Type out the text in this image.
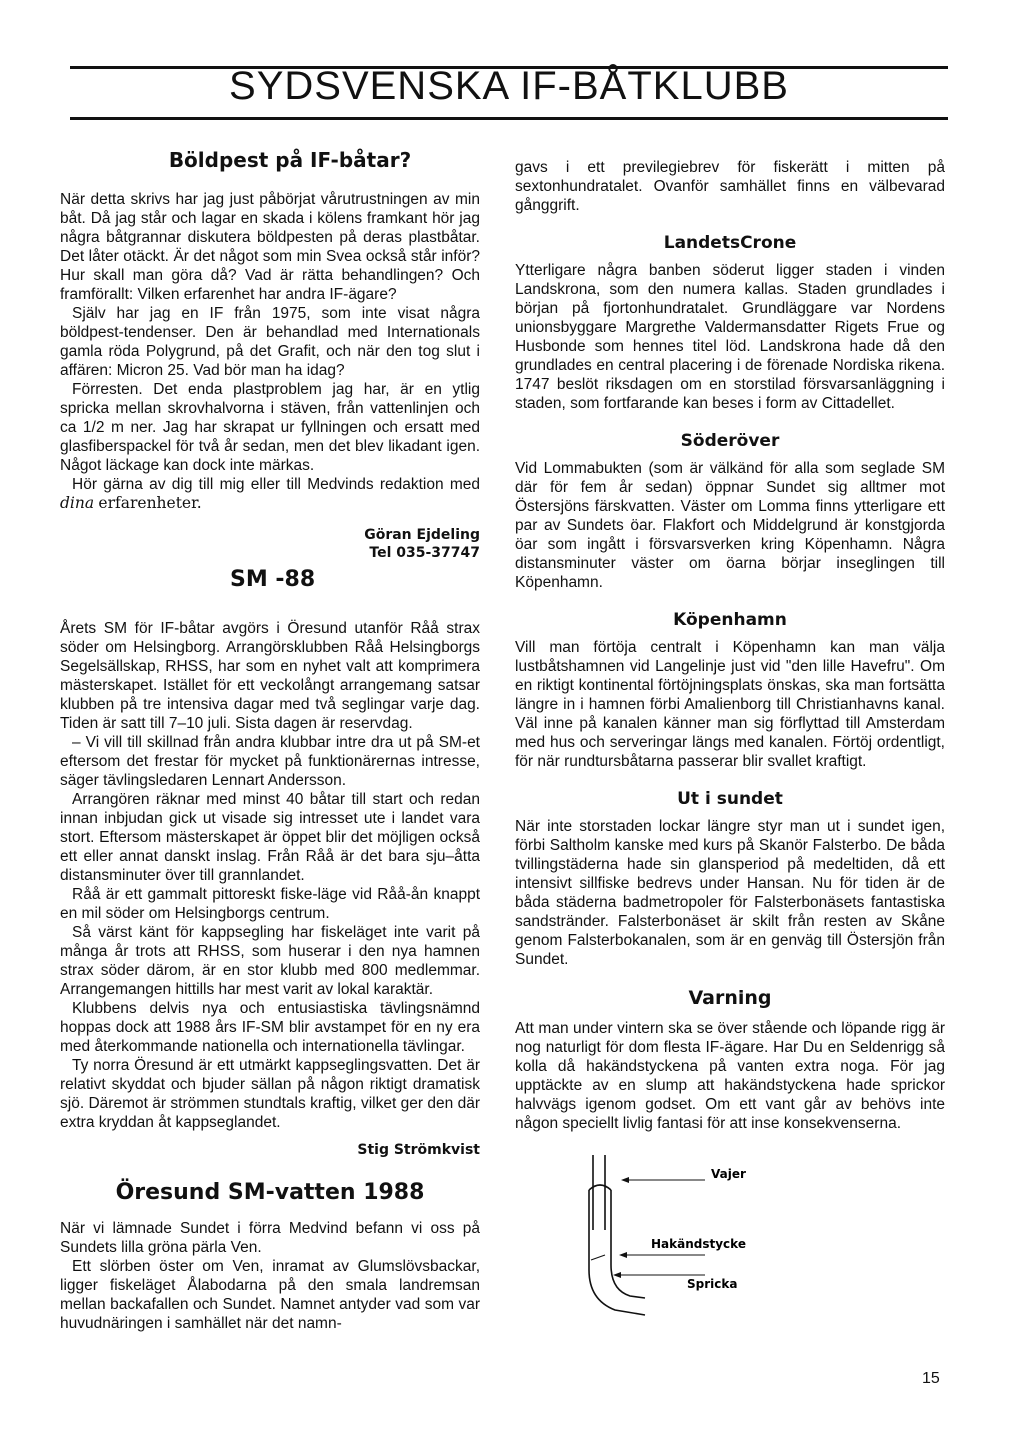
SYDSVENSKA IF-BÅTKLUBB
Böldpest på IF-båtar?

När detta skrivs har jag just påbörjat vårutrustningen av min båt. Då jag står och lagar en skada i kölens framkant hör jag några båtgrannar diskutera böldpesten på deras plastbåtar. Det låter otäckt. Är det något som min Svea också står inför? Hur skall man göra då? Vad är rätta behandlingen? Och framförallt: Vilken erfarenhet har andra IF-ägare?

Själv har jag en IF från 1975, som inte visat några böldpest-tendenser. Den är behandlad med Internationals gamla röda Polygrund, på det Grafit, och när den tog slut i affären: Micron 25. Vad bör man ha idag?

Förresten. Det enda plastproblem jag har, är en ytlig spricka mellan skrovhalvorna i stäven, från vattenlinjen och ca 1/2 m ner. Jag har skrapat ur fyllningen och ersatt med glasfiberspackel för två år sedan, men det blev likadant igen. Något läckage kan dock inte märkas.

Hör gärna av dig till mig eller till Medvinds redaktion med dina erfarenheter.

Göran Ejdeling

Tel 035-37747

SM -88

Årets SM för IF-båtar avgörs i Öresund utanför Råå strax söder om Helsingborg. Arrangörsklubben Råå Helsingborgs Segelsällskap, RHSS, har som en nyhet valt att komprimera mästerskapet. Istället för ett veckolångt arrangemang satsar klubben på tre intensiva dagar med två seglingar varje dag. Tiden är satt till 7–10 juli. Sista dagen är reservdag.

– Vi vill till skillnad från andra klubbar intre dra ut på SM-et eftersom det frestar för mycket på funktionärernas intresse, säger tävlingsledaren Lennart Andersson.

Arrangören räknar med minst 40 båtar till start och redan innan inbjudan gick ut visade sig intresset ute i landet vara stort. Eftersom mästerskapet är öppet blir det möjligen också ett eller annat danskt inslag. Från Råå är det bara sju–åtta distansminuter över till grannlandet.

Råå är ett gammalt pittoreskt fiske-läge vid Råå-ån knappt en mil söder om Helsingborgs centrum.

Så värst känt för kappsegling har fiskeläget inte varit på många år trots att RHSS, som huserar i den nya hamnen strax söder därom, är en stor klubb med 800 medlemmar. Arrangemangen hittills har mest varit av lokal karaktär.

Klubbens delvis nya och entusiastiska tävlingsnämnd hoppas dock att 1988 års IF-SM blir avstampet för en ny era med återkommande nationella och internationella tävlingar.

Ty norra Öresund är ett utmärkt kappseglingsvatten. Det är relativt skyddat och bjuder sällan på någon riktigt dramatisk sjö. Däremot är strömmen stundtals kraftig, vilket ger den där extra kryddan åt kappseglandet.

Stig Strömkvist

Öresund SM-vatten 1988

När vi lämnade Sundet i förra Medvind befann vi oss på Sundets lilla gröna pärla Ven.

Ett slörben öster om Ven, inramat av Glumslövsbackar, ligger fiskeläget Ålabodarna på den smala landremsan mellan backafallen och Sundet. Namnet antyder vad som var huvudnäringen i samhället när det namn-

gavs i ett previlegiebrev för fiskerätt i mitten på sextonhundratalet. Ovanför samhället finns en välbevarad gånggrift.

LandetsCrone

Ytterligare några banben söderut ligger staden i vinden Landskrona, som den numera kallas. Staden grundlades i början på fjortonhundratalet. Grundläggare var Nordens unionsbyggare Margrethe Valdermansdatter Rigets Frue og Husbonde som hennes titel löd. Landskrona hade då den grundlades en central placering i de förenade Nordiska rikena. 1747 beslöt riksdagen om en storstilad försvarsanläggning i staden, som fortfarande kan beses i form av Cittadellet.

Söderöver

Vid Lommabukten (som är välkänd för alla som seglade SM där för fem år sedan) öppnar Sundet sig alltmer mot Östersjöns färskvatten. Väster om Lomma finns ytterligare ett par av Sundets öar. Flakfort och Middelgrund är konstgjorda öar som ingått i försvarsverken kring Köpenhamn. Några distansminuter väster om öarna börjar inseglingen till Köpenhamn.

Köpenhamn

Vill man förtöja centralt i Köpenhamn kan man välja lustbåtshamnen vid Langelinje just vid "den lille Havefru". Om en riktigt kontinental förtöjningsplats önskas, ska man fortsätta längre in i hamnen förbi Amalienborg till Christianhavns kanal. Väl inne på kanalen känner man sig förflyttad till Amsterdam med hus och serveringar längs med kanalen. Förtöj ordentligt, för när rundtursbåtarna passerar blir svallet kraftigt.

Ut i sundet

När inte storstaden lockar längre styr man ut i sundet igen, förbi Saltholm kanske med kurs på Skanör Falsterbo. De båda tvillingstäderna hade sin glansperiod på medeltiden, då ett intensivt sillfiske bedrevs under Hansan. Nu för tiden är de båda städerna badmetropoler för Falsterbonäsets fantastiska sandstränder. Falsterbonäset är skilt från resten av Skåne genom Falsterbokanalen, som är en genväg till Östersjön från Sundet.

Varning

Att man under vintern ska se över stående och löpande rigg är nog naturligt för dom flesta IF-ägare. Har Du en Seldenrigg så kolla då hakändstyckena på vanten extra noga. För jag upptäckte av en slump att hakändstyckena hade sprickor halvvägs igenom godset. Om ett vant går av behövs inte någon speciellt livlig fantasi för att inse konsekvenserna.

Vajer
Hakändstycke
Spricka
15
